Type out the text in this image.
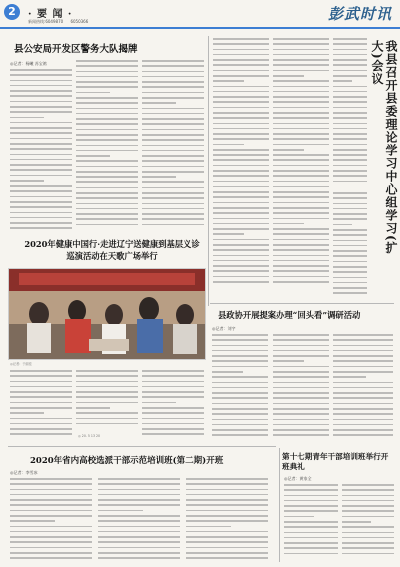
2	· 要 闻 ·
新闻热线:6049870 6050366	彭武时讯
县公安局开发区警务大队揭牌
◎记者：杨曦 苏宝鸽
2020年健康中国行·走进辽宁送健康到基层义诊巡演活动在天歌广场举行
◎记者：于丽佳
◎ 20. 5 13 20
2020年省内高校选派干部示范培训班(第二期)开班
◎记者：李雪冰
我县召开县委理论学习中心组学习(扩大)会议
县政协开展提案办理“回头看”调研活动
◎记者：刘宇
第十七期青年干部培训班举行开班典礼
◎记者：黄家全
